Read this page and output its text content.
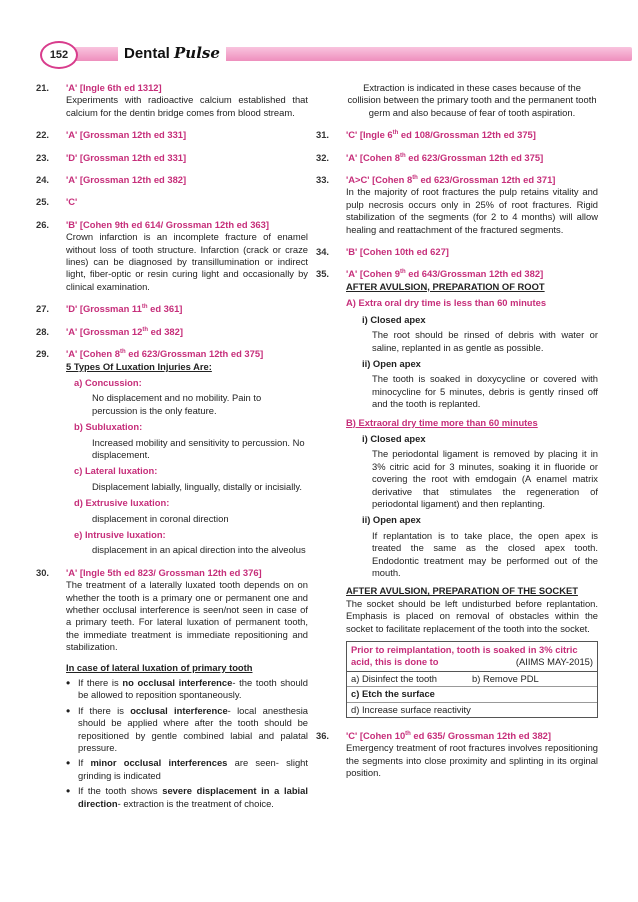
152	Dental Pulse
21. 'A' [Ingle 6th ed 1312]
Experiments with radioactive calcium established that calcium for the dentin bridge comes from blood stream.
22. 'A' [Grossman 12th ed 331]
23. 'D' [Grossman 12th ed 331]
24. 'A' [Grossman 12th ed 382]
25. 'C'
26. 'B' [Cohen 9th ed 614/ Grossman 12th ed 363]
Crown infarction is an incomplete fracture of enamel without loss of tooth structure. Infarction (crack or craze lines) can be diagnosed by transillumination or indirect light, fiber-optic or resin curing light and occasionally by clinical examination.
27. 'D' [Grossman 11th ed 361]
28. 'A' [Grossman 12th ed 382]
29. 'A' [Cohen 8th ed 623/Grossman 12th ed 375]
5 Types Of Luxation Injuries Are:
a) Concussion:
No displacement and no mobility. Pain to percussion is the only feature.
b) Subluxation:
Increased mobility and sensitivity to percussion. No displacement.
c) Lateral luxation:
Displacement labially, lingually, distally or incisially.
d) Extrusive luxation:
displacement in coronal direction
e) Intrusive luxation:
displacement in an apical direction into the alveolus
30. 'A' [Ingle 5th ed 823/ Grossman 12th ed 376]
The treatment of a laterally luxated tooth depends on on whether the tooth is a primary one or permanent one and whether occlusal interference is seen/not seen in case of a primary teeth. For lateral luxation of permanent tooth, the immediate treatment is immediate repositioning and stabilization.
In case of lateral luxation of primary tooth
• If there is no occlusal interference- the tooth should be allowed to reposition spontaneously.
• If there is occlusal interference- local anesthesia should be applied where after the tooth should be repositioned by gentle combined labial and palatal pressure.
• If minor occlusal interferences are seen- slight grinding is indicated
• If the tooth shows severe displacement in a labial direction- extraction is the treatment of choice.
Extraction is indicated in these cases because of the collision between the primary tooth and the permanent tooth germ and also because of fear of tooth aspiration.
31. 'C' [Ingle 6th ed 108/Grossman 12th ed 375]
32. 'A' [Cohen 8th ed 623/Grossman 12th ed 375]
33. 'A>C' [Cohen 8th ed 623/Grossman 12th ed 371]
In the majority of root fractures the pulp retains vitality and pulp necrosis occurs only in 25% of root fractures. Rigid stabilization of the segments (for 2 to 4 months) will allow healing and reattachment of the fractured segments.
34. 'B' [Cohen 10th ed 627]
35. 'A' [Cohen 9th ed 643/Grossman 12th ed 382]
AFTER AVULSION, PREPARATION OF ROOT
A) Extra oral dry time is less than 60 minutes
i) Closed apex
The root should be rinsed of debris with water or saline, replanted in as gentle as possible.
ii) Open apex
The tooth is soaked in doxycycline or covered with minocycline for 5 minutes, debris is gently rinsed off and the tooth is replanted.
B) Extraoral dry time more than 60 minutes
i) Closed apex
The periodontal ligament is removed by placing it in 3% citric acid for 3 minutes, soaking it in fluoride or covering the root with emdogain (A enamel matrix derivative that stimulates the regeneration of periodontal ligament) and then replanting.
ii) Open apex
If replantation is to take place, the open apex is treated the same as the closed apex tooth. Endodontic treatment may be performed out of the mouth.
AFTER AVULSION, PREPARATION OF THE SOCKET
The socket should be left undisturbed before replantation. Emphasis is placed on removal of obstacles within the socket to facilitate replacement of the tooth into the socket.
Prior to reimplantation, tooth is soaked in 3% citric acid, this is done to	(AIIMS MAY-2015)
a) Disinfect the tooth	b) Remove PDL
c) Etch the surface
d) Increase surface reactivity
36. 'C' [Cohen 10th ed 635/ Grossman 12th ed 382]
Emergency treatment of root fractures involves repositioning the segments into close proximity and splinting in its orginal position.
